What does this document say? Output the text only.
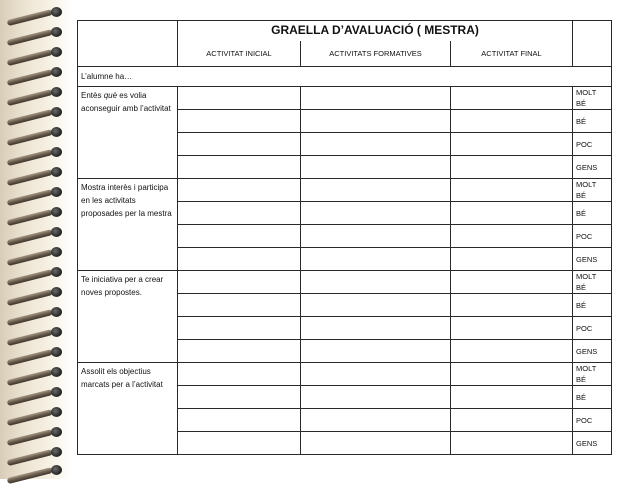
	GRAELLA D’AVALUACIÓ ( MESTRA)			
	ACTIVITAT INICIAL	ACTIVITATS FORMATIVES	ACTIVITAT FINAL	
L’alumne ha…				
Entès què es volia aconseguir amb l’activitat				MOLT BÉ
				BÉ
				POC
				GENS
Mostra interès i participa en les activitats proposades per la mestra				MOLT BÉ
				BÉ
				POC
				GENS
Te iniciativa per a crear noves propostes.				MOLT BÉ
				BÉ
				POC
				GENS
Assolit els objectius marcats per a l’activitat				MOLT BÉ
				BÉ
				POC
				GENS
